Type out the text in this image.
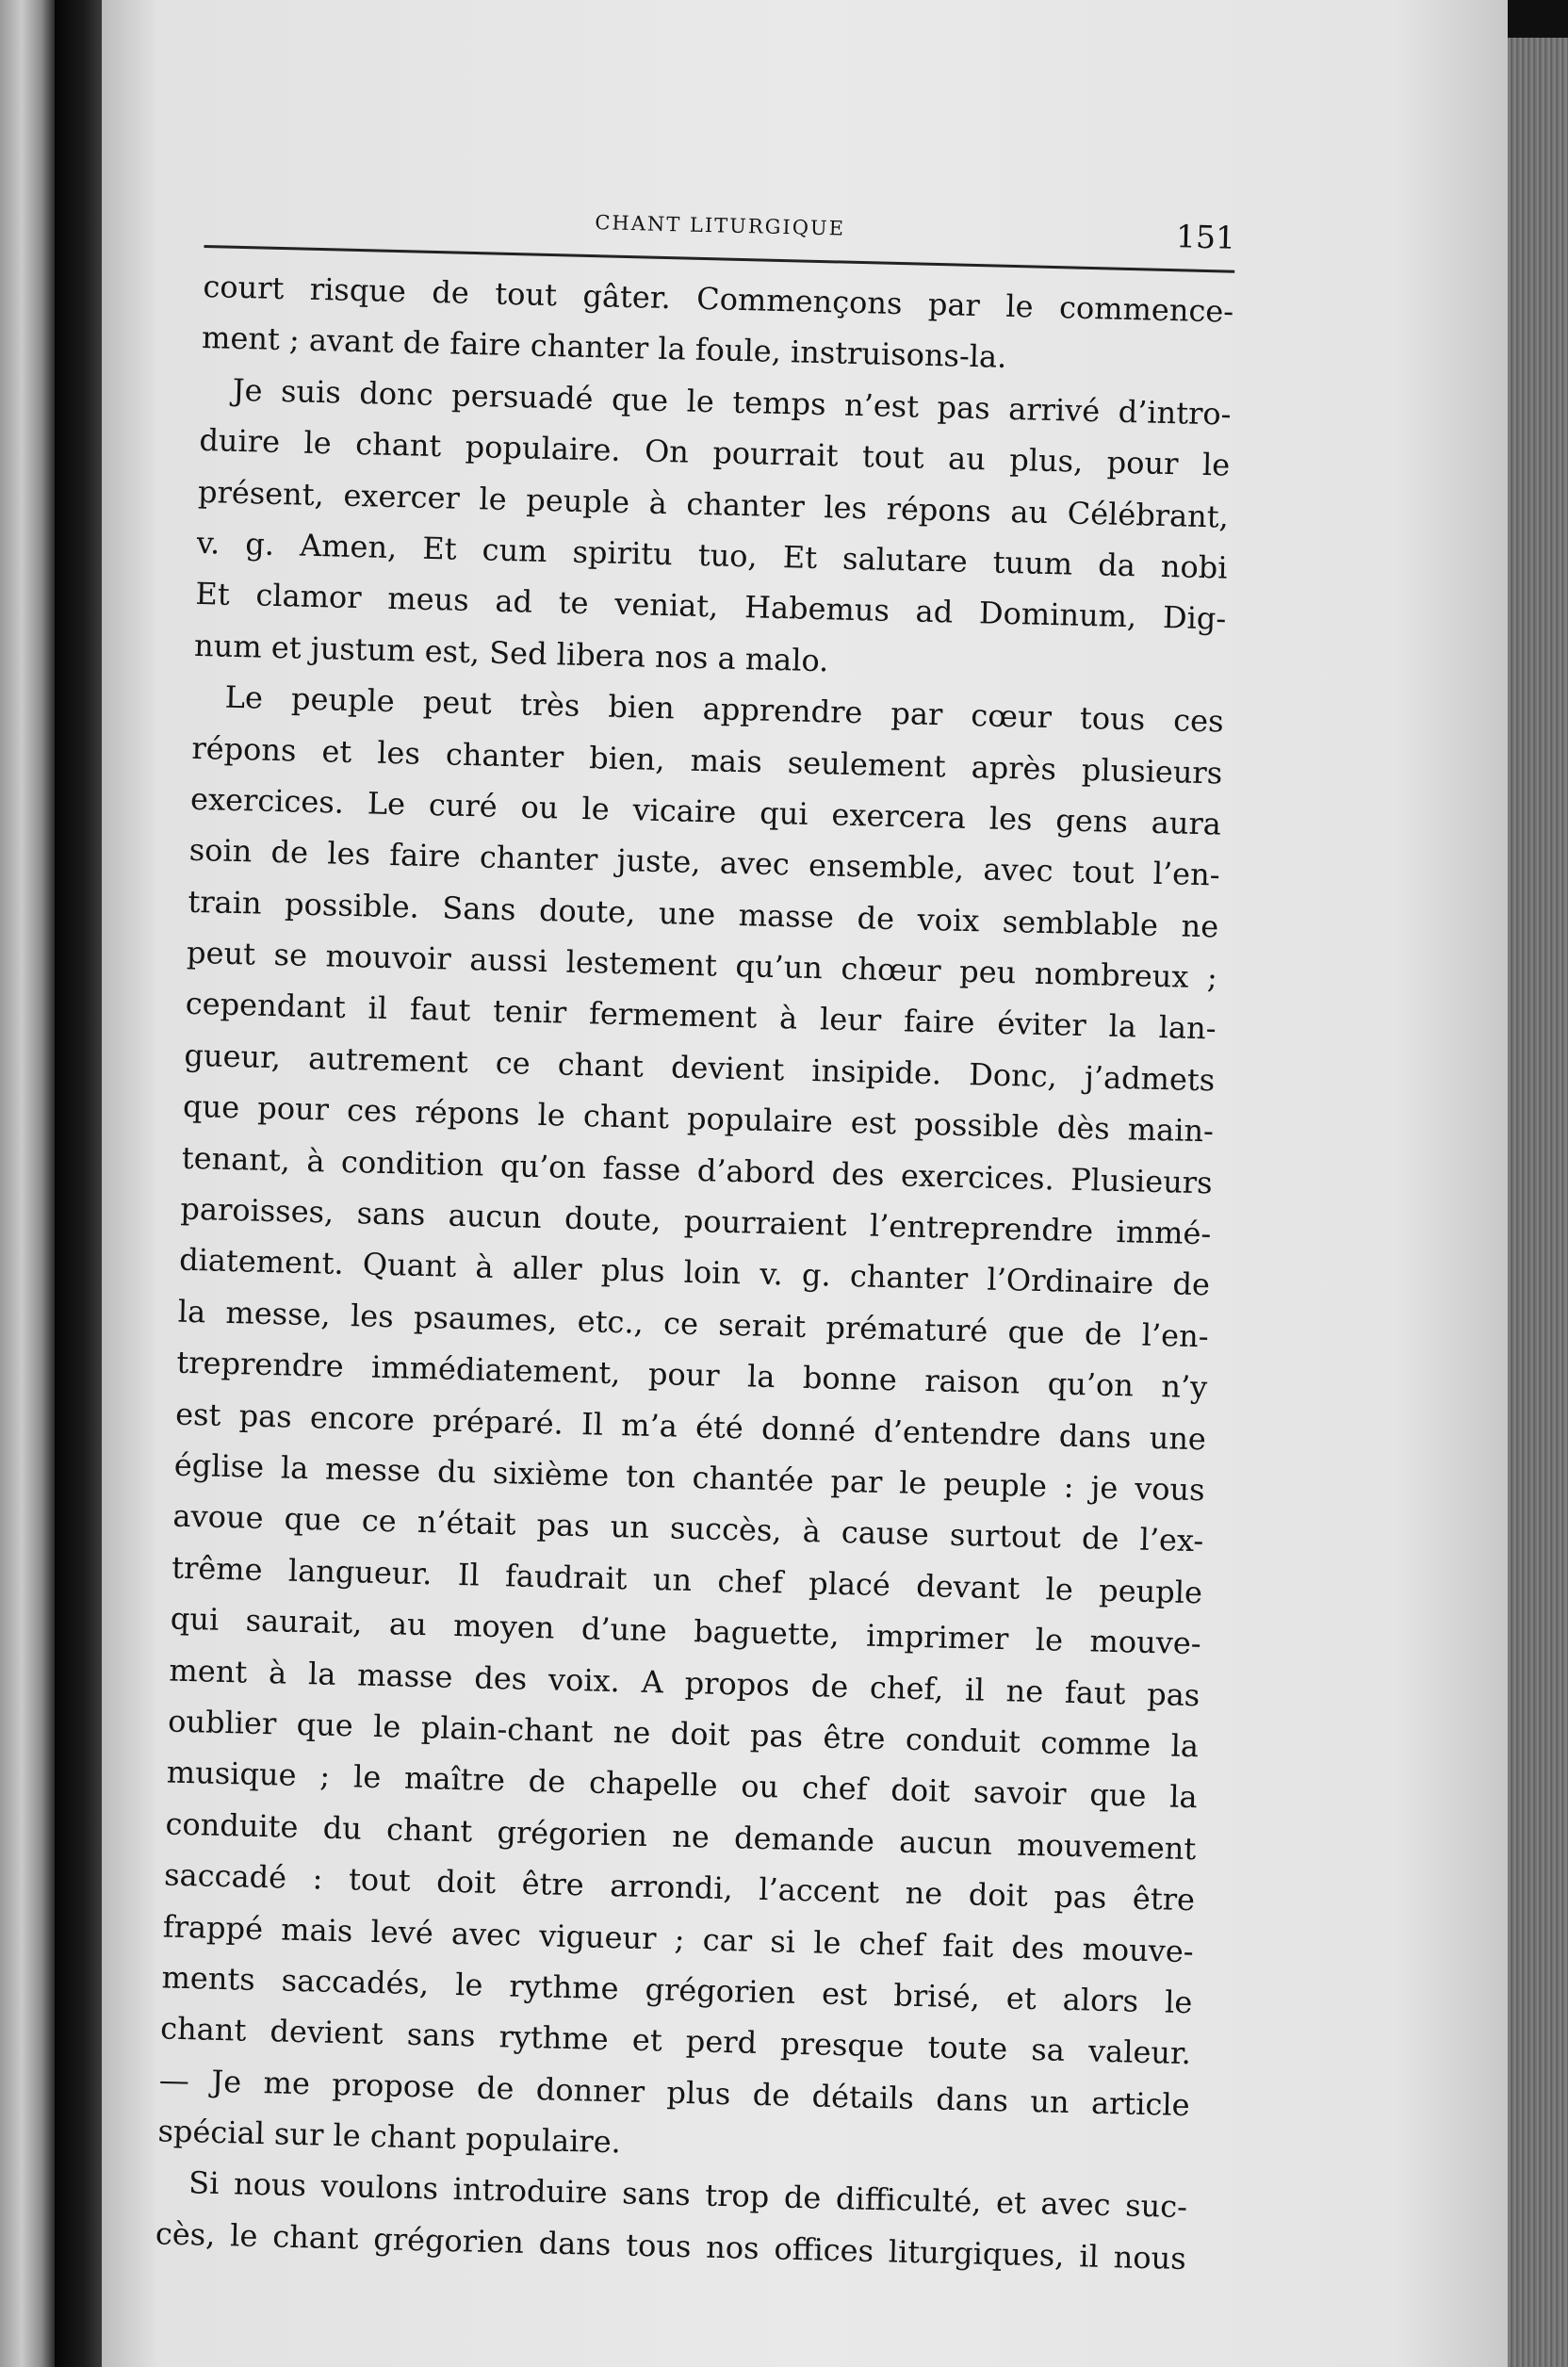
CHANT LITURGIQUE	151
court risque de tout gâter. Commençons par le commence-
ment ; avant de faire chanter la foule, instruisons-la.
Je suis donc persuadé que le temps n’est pas arrivé d’intro-
duire le chant populaire. On pourrait tout au plus, pour le
présent, exercer le peuple à chanter les répons au Célébrant,
v. g. Amen, Et cum spiritu tuo, Et salutare tuum da nobi
Et clamor meus ad te veniat, Habemus ad Dominum, Dig-
num et justum est, Sed libera nos a malo.
Le peuple peut très bien apprendre par cœur tous ces
répons et les chanter bien, mais seulement après plusieurs
exercices. Le curé ou le vicaire qui exercera les gens aura
soin de les faire chanter juste, avec ensemble, avec tout l’en-
train possible. Sans doute, une masse de voix semblable ne
peut se mouvoir aussi lestement qu’un chœur peu nombreux ;
cependant il faut tenir fermement à leur faire éviter la lan-
gueur, autrement ce chant devient insipide. Donc, j’admets
que pour ces répons le chant populaire est possible dès main-
tenant, à condition qu’on fasse d’abord des exercices. Plusieurs
paroisses, sans aucun doute, pourraient l’entreprendre immé-
diatement. Quant à aller plus loin v. g. chanter l’Ordinaire de
la messe, les psaumes, etc., ce serait prématuré que de l’en-
treprendre immédiatement, pour la bonne raison qu’on n’y
est pas encore préparé. Il m’a été donné d’entendre dans une
église la messe du sixième ton chantée par le peuple : je vous
avoue que ce n’était pas un succès, à cause surtout de l’ex-
trême langueur. Il faudrait un chef placé devant le peuple
qui saurait, au moyen d’une baguette, imprimer le mouve-
ment à la masse des voix. A propos de chef, il ne faut pas
oublier que le plain-chant ne doit pas être conduit comme la
musique ; le maître de chapelle ou chef doit savoir que la
conduite du chant grégorien ne demande aucun mouvement
saccadé : tout doit être arrondi, l’accent ne doit pas être
frappé mais levé avec vigueur ; car si le chef fait des mouve-
ments saccadés, le rythme grégorien est brisé, et alors le
chant devient sans rythme et perd presque toute sa valeur.
— Je me propose de donner plus de détails dans un article
spécial sur le chant populaire.
Si nous voulons introduire sans trop de difficulté, et avec suc-
cès, le chant grégorien dans tous nos offices liturgiques, il nous
